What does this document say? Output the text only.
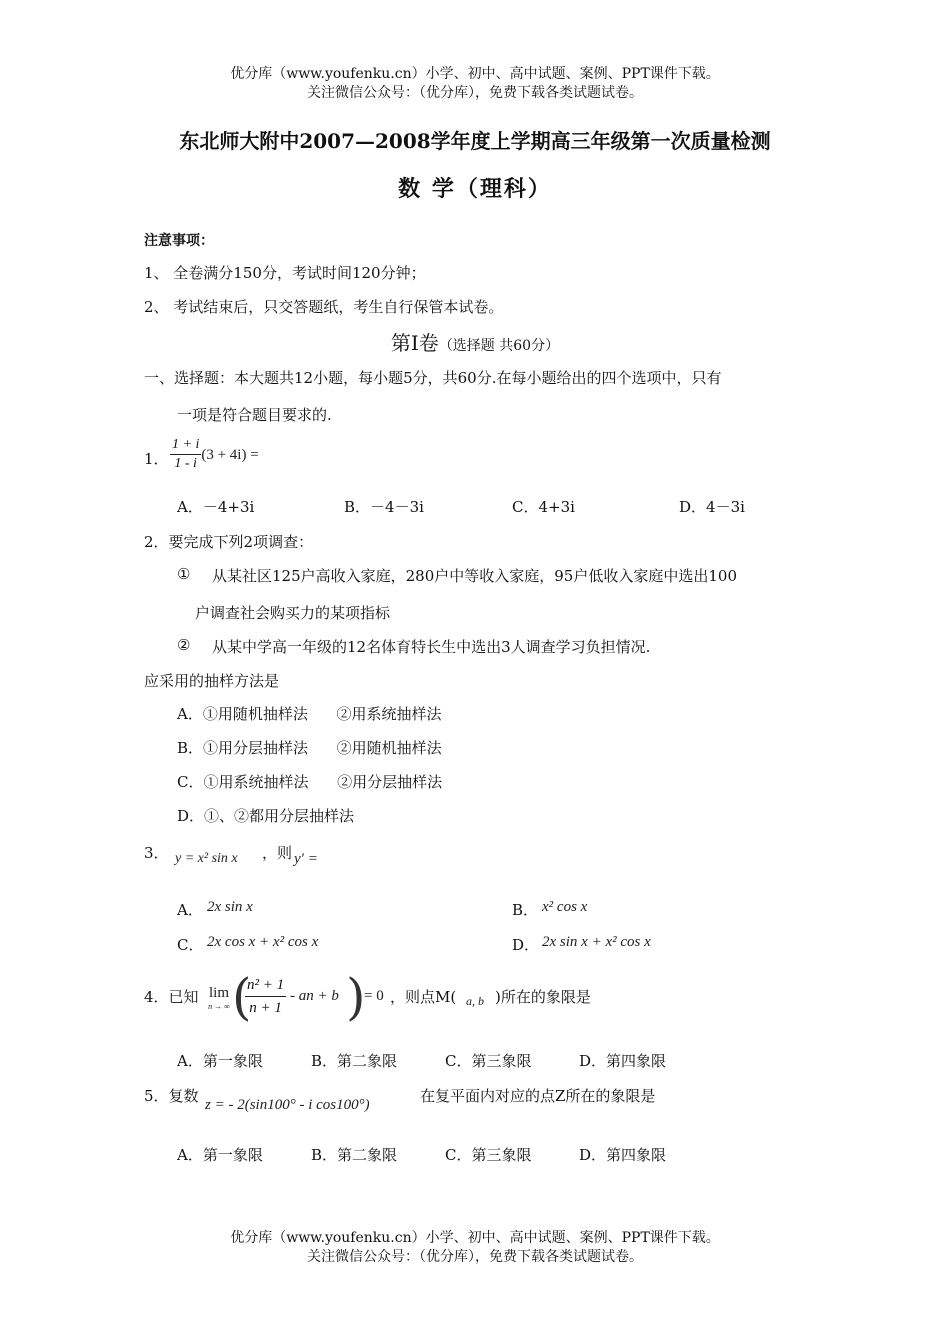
优分库（www.youfenku.cn）小学、初中、高中试题、案例、PPT课件下载。
关注微信公众号：（优分库），免费下载各类试题试卷。
东北师大附中2007—2008学年度上学期高三年级第一次质量检测
数 学（理科）
注意事项：
1、 全卷满分150分，考试时间120分钟；
2、 考试结束后，只交答题纸，考生自行保管本试卷。
第Ⅰ卷（选择题 共60分）
一、选择题：本大题共12小题，每小题5分，共60分.在每小题给出的四个选项中，只有
一项是符合题目要求的.
1． $\frac{1 + i}{1 - i} (3 + 4i)$ =
A．－4+3i	B．－4－3i	C．4+3i	D．4－3i
2．要完成下列2项调查：
① 从某社区125户高收入家庭，280户中等收入家庭，95户低收入家庭中选出100
户调查社会购买力的某项指标
② 从某中学高一年级的12名体育特长生中选出3人调查学习负担情况.
应采用的抽样方法是
A．①用随机抽样法      ②用系统抽样法
B．①用分层抽样法      ②用随机抽样法
C．①用系统抽样法      ②用分层抽样法
D．①、②都用分层抽样法
3． y = x² sin x ，则 y′ =
A． 2x sin x	B． x² cos x
C． 2x cos x + x² cos x	D． 2x sin x + x² cos x
4．已知 lim
n → ∞ (
$\frac{\text{n² + 1}}{n + 1}$ - an + b )
= 0 ，则点M( a, b )所在的象限是
A．第一象限	B．第二象限	C．第三象限	D．第四象限
5．复数 z = - 2(sin100° - i cos100°)	在复平面内对应的点Z所在的象限是
A．第一象限	B．第二象限	C．第三象限	D．第四象限
优分库（www.youfenku.cn）小学、初中、高中试题、案例、PPT课件下载。
关注微信公众号：（优分库），免费下载各类试题试卷。
